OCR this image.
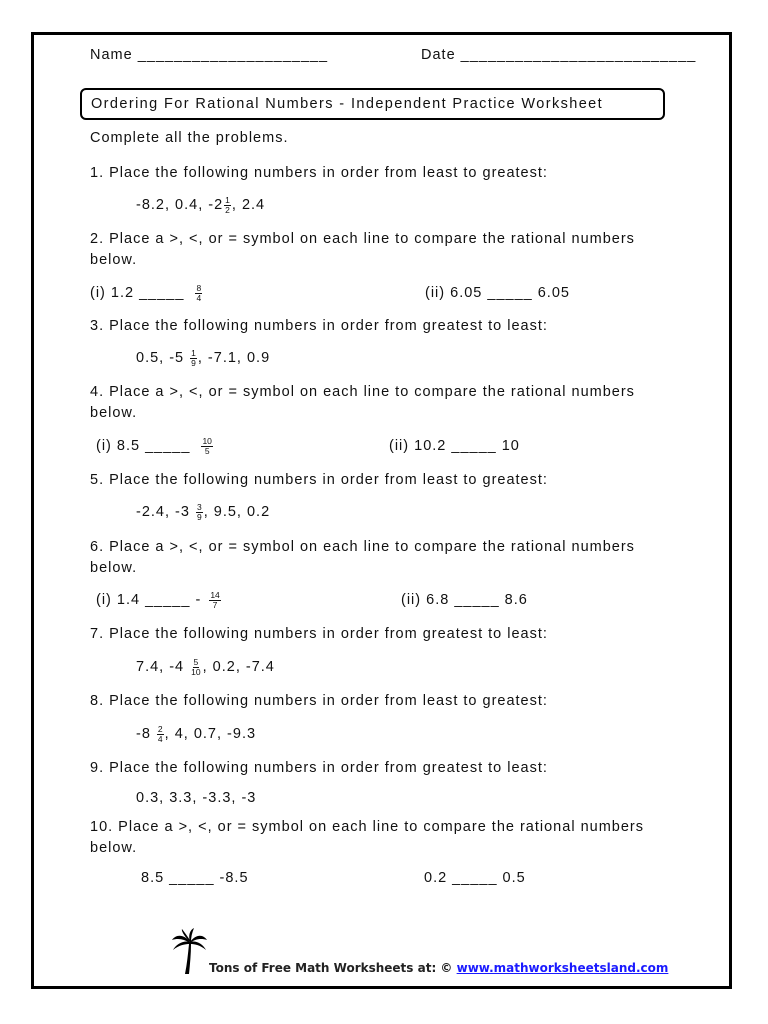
Name _____________________	Date __________________________
Ordering For Rational Numbers - Independent Practice Worksheet
Complete all the problems.
1. Place the following numbers in order from least to greatest:
-8.2, 0.4, $-2 \frac{1}{2}$ , 2.4
2. Place a >, <, or = symbol on each line to compare the rational numbers
below.
(i) 1.2 _____ $\frac{8}{4}$	(ii) 6.05 _____ 6.05
3. Place the following numbers in order from greatest to least:
0.5, $-5 \frac{1}{9}$ , -7.1, 0.9
4. Place a >, <, or = symbol on each line to compare the rational numbers
below.
(i) 8.5 _____ $\frac{10}{5}$	(ii) 10.2 _____ 10
5. Place the following numbers in order from least to greatest:
-2.4, $-3 \frac{3}{9}$ , 9.5, 0.2
6. Place a >, <, or = symbol on each line to compare the rational numbers
below.
(i) 1.4 _____ - $\frac{14}{7}$	(ii) 6.8 _____ 8.6
7. Place the following numbers in order from greatest to least:
7.4, $-4 \frac{5}{10}$ , 0.2, -7.4
8. Place the following numbers in order from least to greatest:
$-8 \frac{2}{4}$ , 4, 0.7, -9.3
9. Place the following numbers in order from greatest to least:
0.3, 3.3, -3.3, -3
10. Place a >, <, or = symbol on each line to compare the rational numbers
below.
8.5 _____ -8.5	0.2 _____ 0.5
Tons of Free Math Worksheets at: © www.mathworksheetsland.com
